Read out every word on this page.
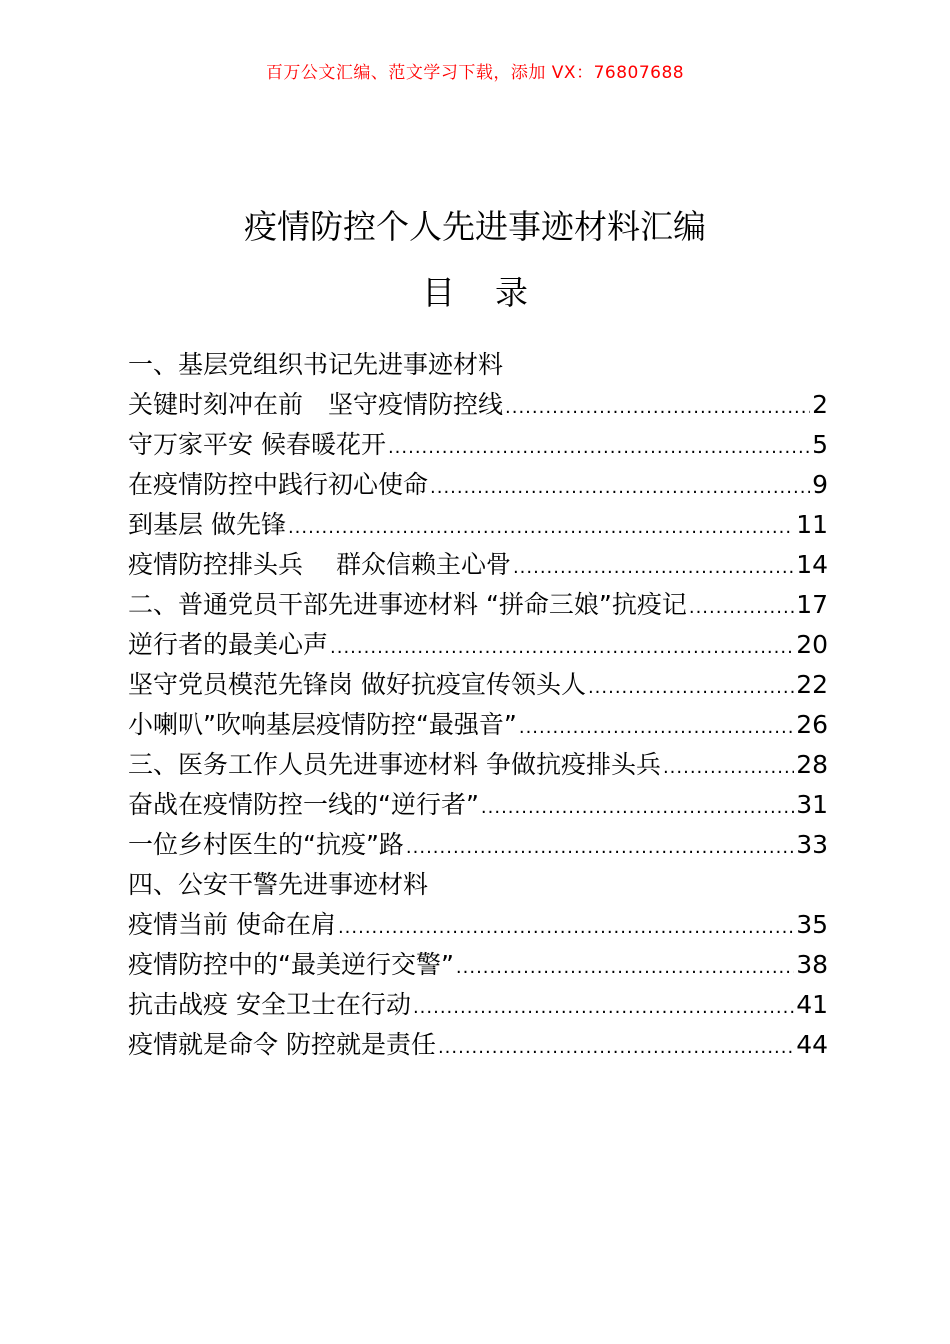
百万公文汇编、范文学习下载，添加 VX：76807688
疫情防控个人先进事迹材料汇编
目录
一、基层党组织书记先进事迹材料
关键时刻冲在前　坚守疫情防控线 .....	2
守万家平安 候春暖花开 .....	5
在疫情防控中践行初心使命 .....	9
到基层 做先锋 .....	11
疫情防控排头兵　 群众信赖主心骨 .....	14
二、普通党员干部先进事迹材料 “拼命三娘”抗疫记 .....	17
逆行者的最美心声 .....	20
坚守党员模范先锋岗 做好抗疫宣传领头人 .....	22
小喇叭”吹响基层疫情防控“最强音” .....	26
三、医务工作人员先进事迹材料 争做抗疫排头兵 .....	28
奋战在疫情防控一线的“逆行者” .....	31
一位乡村医生的“抗疫”路 .....	33
四、公安干警先进事迹材料
疫情当前 使命在肩 .....	35
疫情防控中的“最美逆行交警” .....	38
抗击战疫 安全卫士在行动 .....	41
疫情就是命令 防控就是责任 .....	44
